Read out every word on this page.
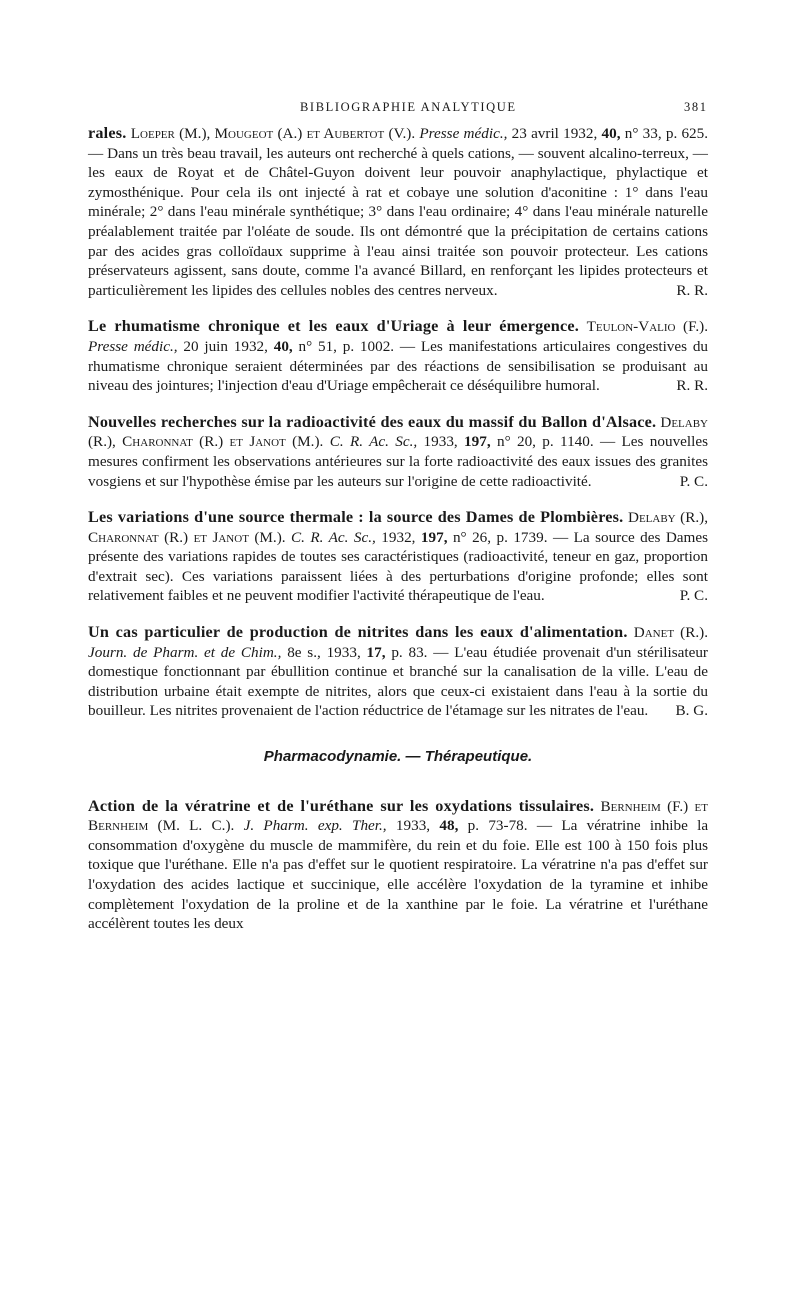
BIBLIOGRAPHIE ANALYTIQUE	381

rales. Loeper (M.), Mougeot (A.) et Aubertot (V.). Presse médic., 23 avril 1932, 40, n° 33, p. 625. — Dans un très beau travail, les auteurs ont recherché à quels cations, — souvent alcalino-terreux, — les eaux de Royat et de Châtel-Guyon doivent leur pouvoir anaphylactique, phylactique et zymosthénique. Pour cela ils ont injecté à rat et cobaye une solution d'aconitine : 1° dans l'eau minérale; 2° dans l'eau minérale synthétique; 3° dans l'eau ordinaire; 4° dans l'eau minérale naturelle préalablement traitée par l'oléate de soude. Ils ont démontré que la précipitation de certains cations par des acides gras colloïdaux supprime à l'eau ainsi traitée son pouvoir protecteur. Les cations préservateurs agissent, sans doute, comme l'a avancé Billard, en renforçant les lipides protecteurs et particulièrement les lipides des cellules nobles des centres nerveux.	R. R.

Le rhumatisme chronique et les eaux d'Uriage à leur émergence. Teulon-Valio (F.). Presse médic., 20 juin 1932, 40, n° 51, p. 1002. — Les manifestations articulaires congestives du rhumatisme chronique seraient déterminées par des réactions de sensibilisation se produisant au niveau des jointures; l'injection d'eau d'Uriage empêcherait ce déséquilibre humoral.	R. R.

Nouvelles recherches sur la radioactivité des eaux du massif du Ballon d'Alsace. Delaby (R.), Charonnat (R.) et Janot (M.). C. R. Ac. Sc., 1933, 197, n° 20, p. 1140. — Les nouvelles mesures confirment les observations antérieures sur la forte radioactivité des eaux issues des granites vosgiens et sur l'hypothèse émise par les auteurs sur l'origine de cette radioactivité.	P. C.

Les variations d'une source thermale : la source des Dames de Plombières. Delaby (R.), Charonnat (R.) et Janot (M.). C. R. Ac. Sc., 1932, 197, n° 26, p. 1739. — La source des Dames présente des variations rapides de toutes ses caractéristiques (radioactivité, teneur en gaz, proportion d'extrait sec). Ces variations paraissent liées à des perturbations d'origine profonde; elles sont relativement faibles et ne peuvent modifier l'activité thérapeutique de l'eau.	P. C.

Un cas particulier de production de nitrites dans les eaux d'alimentation. Danet (R.). Journ. de Pharm. et de Chim., 8e s., 1933, 17, p. 83. — L'eau étudiée provenait d'un stérilisateur domestique fonctionnant par ébullition continue et branché sur la canalisation de la ville. L'eau de distribution urbaine était exempte de nitrites, alors que ceux-ci existaient dans l'eau à la sortie du bouilleur. Les nitrites provenaient de l'action réductrice de l'étamage sur les nitrates de l'eau. B. G.

Pharmacodynamie. — Thérapeutique.

Action de la vératrine et de l'uréthane sur les oxydations tissulaires. Bernheim (F.) et Bernheim (M. L. C.). J. Pharm. exp. Ther., 1933, 48, p. 73-78. — La vératrine inhibe la consommation d'oxygène du muscle de mammifère, du rein et du foie. Elle est 100 à 150 fois plus toxique que l'uréthane. Elle n'a pas d'effet sur le quotient respiratoire. La vératrine n'a pas d'effet sur l'oxydation des acides lactique et succinique, elle accélère l'oxydation de la tyramine et inhibe complètement l'oxydation de la proline et de la xanthine par le foie. La vératrine et l'uréthane accélèrent toutes les deux
